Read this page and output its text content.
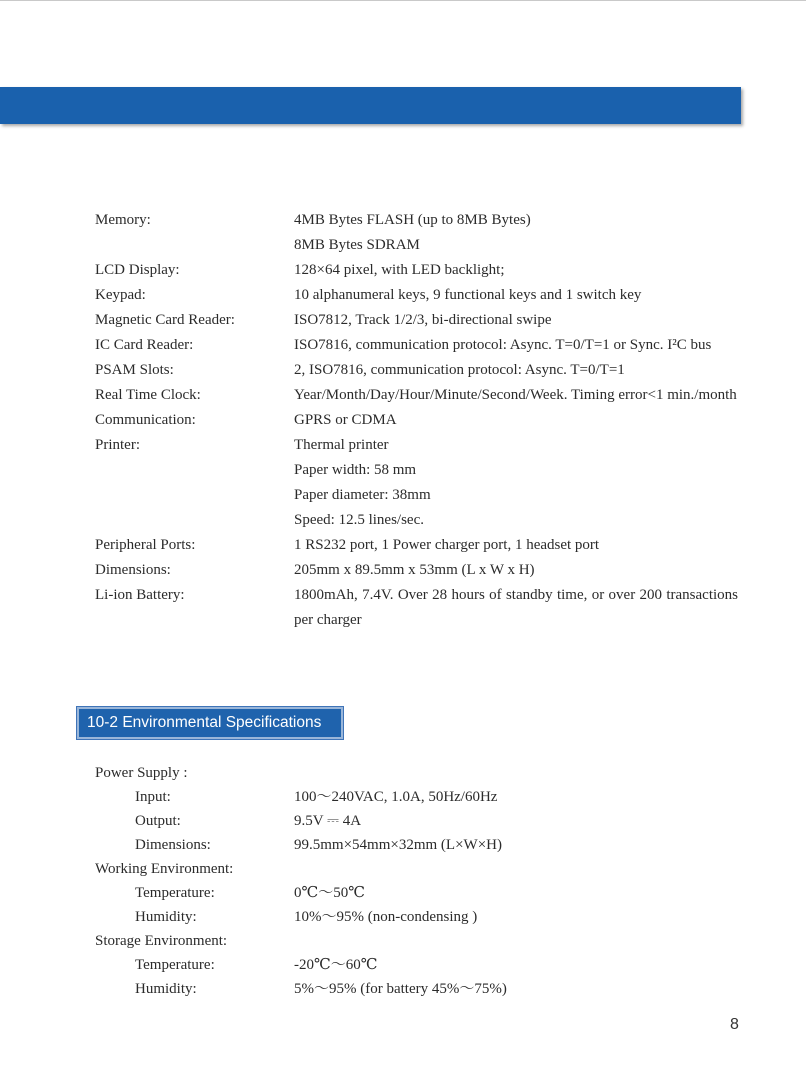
Memory:	4MB Bytes FLASH (up to 8MB Bytes)
8MB Bytes SDRAM
LCD Display:	128×64 pixel, with LED backlight;
Keypad:	10 alphanumeral keys, 9 functional keys and 1 switch key
Magnetic Card Reader:	ISO7812, Track 1/2/3, bi-directional swipe
IC Card Reader:	ISO7816, communication protocol: Async. T=0/T=1 or Sync. I²C bus
PSAM Slots:	2, ISO7816, communication protocol: Async. T=0/T=1
Real Time Clock:	Year/Month/Day/Hour/Minute/Second/Week. Timing error<1 min./month
Communication:	GPRS or CDMA
Printer:	Thermal printer
Paper width: 58 mm
Paper diameter: 38mm
Speed: 12.5 lines/sec.
Peripheral Ports:	1 RS232 port, 1 Power charger port, 1 headset port
Dimensions:	205mm x 89.5mm x 53mm (L x W x H)
Li-ion Battery:	1800mAh, 7.4V. Over 28 hours of standby time, or over 200 transactions per charger
10-2 Environmental Specifications
Power Supply :
Input:	100～240VAC, 1.0A, 50Hz/60Hz
Output:	9.5V ⎓ 4A
Dimensions:	99.5mm×54mm×32mm (L×W×H)
Working Environment:
Temperature:	0℃～50℃
Humidity:	10%～95% (non-condensing )
Storage Environment:
Temperature:	-20℃～60℃
Humidity:	5%～95% (for battery 45%～75%)
8
